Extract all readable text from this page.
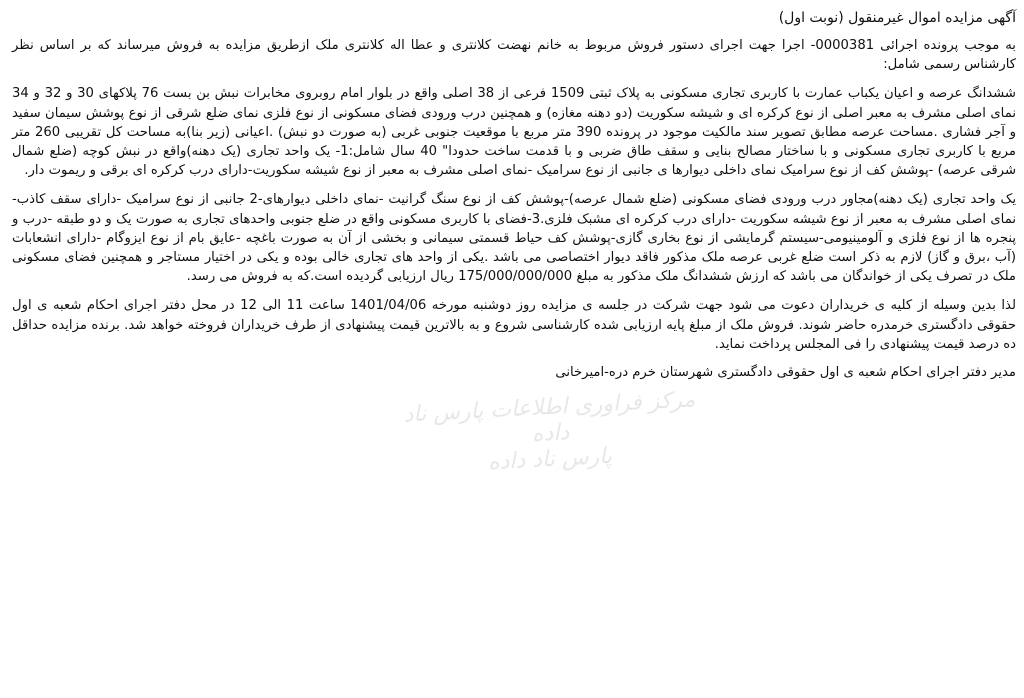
آگهی مزایده اموال غیرمنقول (نوبت اول)

به موجب پرونده اجرائی 0000381- اجرا جهت اجرای دستور فروش مربوط به خانم نهضت کلانتری و عطا اله کلانتری ملک ازطریق مزایده به فروش میرساند که بر اساس نظر کارشناس رسمی شامل:

ششدانگ عرصه و اعیان یکباب عمارت با کاربری تجاری مسکونی به پلاک ثبتی 1509 فرعی از 38 اصلی واقع در بلوار امام روبروی مخابرات نبش بن بست 76 پلاکهای 30 و 32 و 34 نمای اصلی مشرف به معبر اصلی از نوع کرکره ای و شیشه سکوریت (دو دهنه مغازه) و همچنین درب ورودی فضای مسکونی از نوع فلزی نمای ضلع شرقی از نوع پوشش سیمان سفید و آجر فشاری .مساحت عرصه مطابق تصویر سند مالکیت موجود در پرونده 390 متر مربع با موقعیت جنوبی غربی (به صورت دو نبش) .اعیانی (زیر بنا)به مساحت کل تقریبی 260 متر مربع با کاربری تجاری مسکونی و با ساختار مصالح بنایی و سقف طاق ضربی و با قدمت ساخت حدودا" 40 سال شامل:1- یک واحد تجاری (یک دهنه)واقع در نبش کوچه (ضلع شمال شرقی عرصه) -پوشش کف از نوع سرامیک نمای داخلی دیوارها ی جانبی از نوع سرامیک -نمای اصلی مشرف به معبر از نوع شیشه سکوریت-دارای درب کرکره ای برقی و ریموت دار.

یک واحد تجاری (یک دهنه)مجاور درب ورودی فضای مسکونی (ضلع شمال عرصه)-پوشش کف از نوع سنگ گرانیت -نمای داخلی دیوارهای-2 جانبی از نوع سرامیک -دارای سقف کاذب-نمای اصلی مشرف به معبر از نوع شیشه سکوریت -دارای درب کرکره ای مشبک فلزی.3-فضای با کاربری مسکونی واقع در ضلع جنوبی واحدهای تجاری به صورت یک و دو طبقه -درب و پنجره ها از نوع فلزی و آلومینیومی-سیستم گرمایشی از نوع بخاری گازی-پوشش کف حیاط قسمتی سیمانی و بخشی از آن به صورت باغچه -عایق بام از نوع ایزوگام -دارای انشعابات (آب ،برق و گاز) لازم به ذکر است ضلع غربی عرصه ملک مذکور فاقد دیوار اختصاصی می باشد .یکی از واحد های تجاری خالی بوده و یکی در اختیار مستاجر و همچنین فضای مسکونی ملک در تصرف یکی از خواندگان می باشد که ارزش ششدانگ ملک مذکور به مبلغ 175/000/000/000 ریال ارزیابی گردیده است.که به فروش می رسد.

لذا بدین وسیله از کلیه ی خریداران دعوت می شود جهت شرکت در جلسه ی مزایده روز دوشنبه مورخه 1401/04/06 ساعت 11 الی 12 در محل دفتر اجرای احکام شعبه ی اول حقوقی دادگستری خرمدره حاضر شوند. فروش ملک از مبلغ پایه ارزیابی شده کارشناسی شروع و به بالاترین قیمت پیشنهادی از طرف خریداران فروخته خواهد شد. برنده مزایده حداقل ده درصد قیمت پیشنهادی را فی المجلس پرداخت نماید.

مدیر دفتر اجرای احکام شعبه ی اول حقوقی دادگستری شهرستان خرم دره-امیرخانی
مرکز فراوری اطلاعات پارس ناد داده
پارس ناد داده
